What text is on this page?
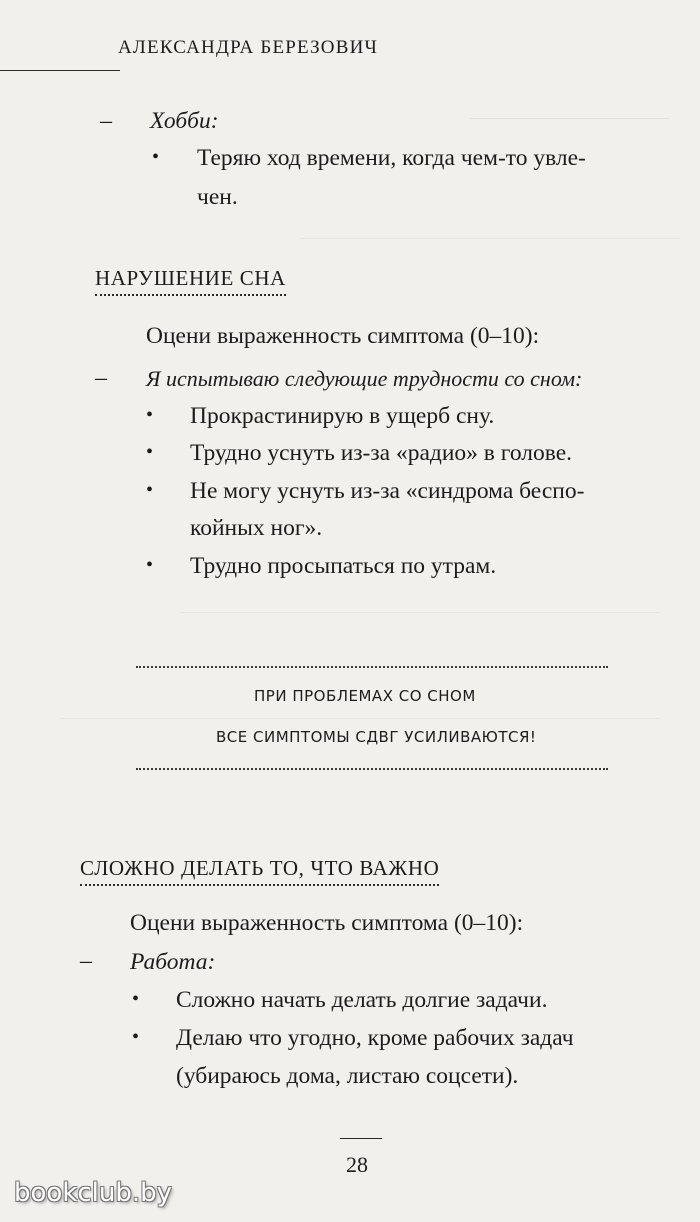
АЛЕКСАНДРА БЕРЕЗОВИЧ
– Хобби:
• Теряю ход времени, когда чем-то увле-
чен.
НАРУШЕНИЕ СНА
Оцени выраженность симптома (0–10):
– Я испытываю следующие трудности со сном:
• Прокрастинирую в ущерб сну.
• Трудно уснуть из-за «радио» в голове.
• Не могу уснуть из-за «синдрома беспо-
койных ног».
• Трудно просыпаться по утрам.
ПРИ ПРОБЛЕМАХ СО СНОМ
ВСЕ СИМПТОМЫ СДВГ УСИЛИВАЮТСЯ!
СЛОЖНО ДЕЛАТЬ ТО, ЧТО ВАЖНО
Оцени выраженность симптома (0–10):
– Работа:
• Сложно начать делать долгие задачи.
• Делаю что угодно, кроме рабочих задач
(убираюсь дома, листаю соцсети).
28
bookclub.by
